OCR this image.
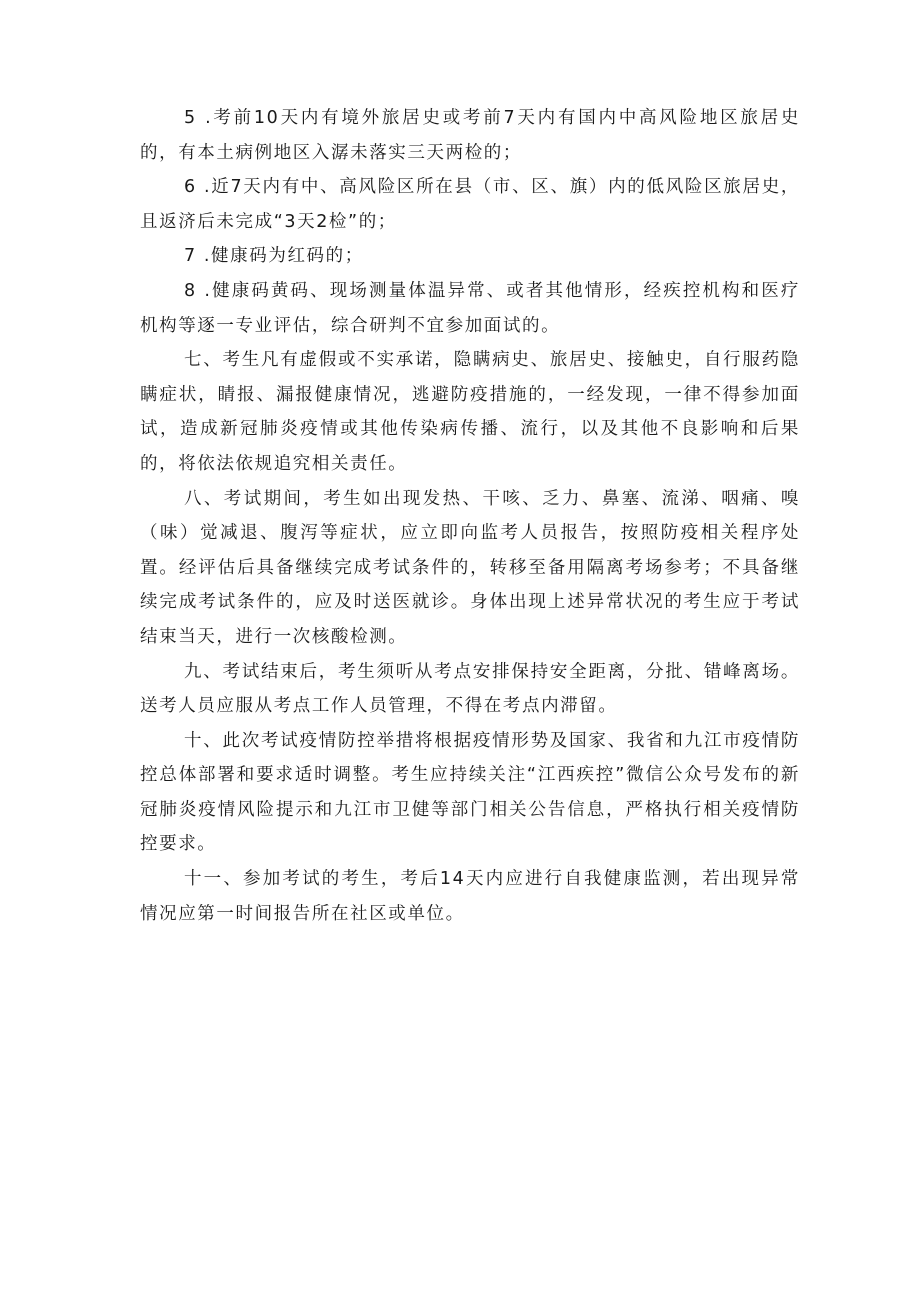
5 .考前10天内有境外旅居史或考前7天内有国内中高风险地区旅居史的，有本土病例地区入潺未落实三天两检的；

6 .近7天内有中、高风险区所在县（市、区、旗）内的低风险区旅居史，且返济后未完成“3天2检”的；

7 .健康码为红码的；

8 .健康码黄码、现场测量体温异常、或者其他情形，经疾控机构和医疗机构等逐一专业评估，综合研判不宜参加面试的。

七、考生凡有虚假或不实承诺，隐瞒病史、旅居史、接触史，自行服药隐瞒症状，睛报、漏报健康情况，逃避防疫措施的，一经发现，一律不得参加面试，造成新冠肺炎疫情或其他传染病传播、流行，以及其他不良影响和后果的，将依法依规追究相关责任。

八、考试期间，考生如出现发热、干咳、乏力、鼻塞、流涕、咽痛、嗅（味）觉减退、腹泻等症状，应立即向监考人员报告，按照防疫相关程序处置。经评估后具备继续完成考试条件的，转移至备用隔离考场参考；不具备继续完成考试条件的，应及时送医就诊。身体出现上述异常状况的考生应于考试结束当天，进行一次核酸检测。

九、考试结束后，考生须听从考点安排保持安全距离，分批、错峰离场。送考人员应服从考点工作人员管理，不得在考点内滞留。

十、此次考试疫情防控举措将根据疫情形势及国家、我省和九江市疫情防控总体部署和要求适时调整。考生应持续关注“江西疾控”微信公众号发布的新冠肺炎疫情风险提示和九江市卫健等部门相关公告信息，严格执行相关疫情防控要求。

十一、参加考试的考生，考后14天内应进行自我健康监测，若出现异常情况应第一时间报告所在社区或单位。
